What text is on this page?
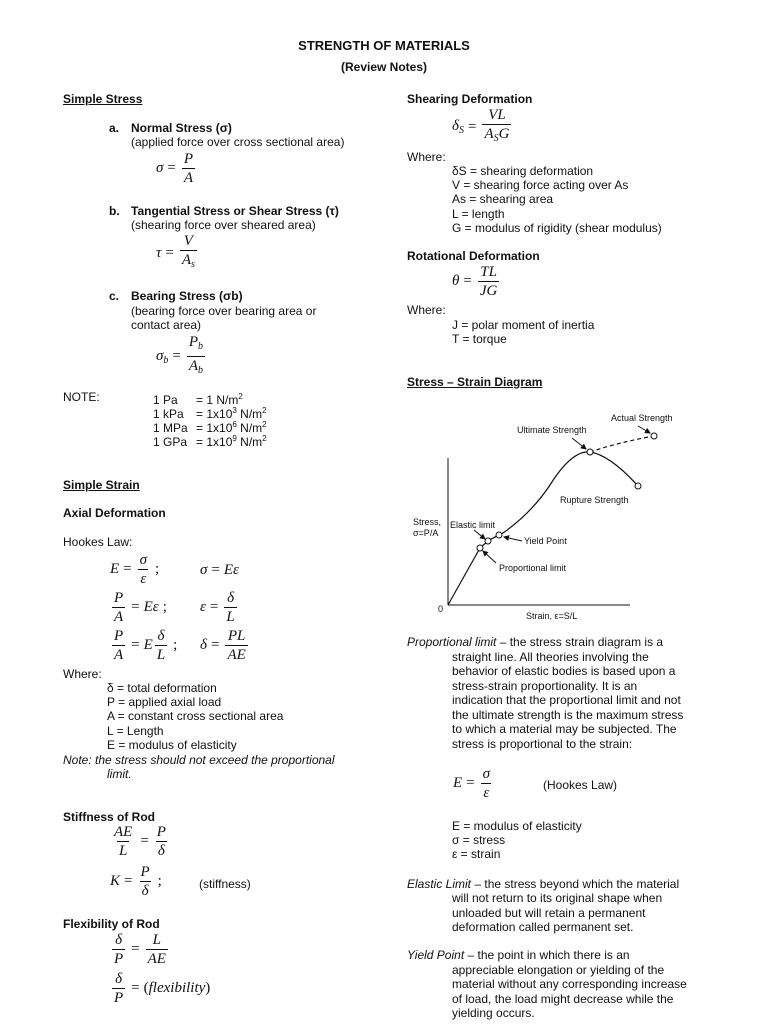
STRENGTH OF MATERIALS
(Review Notes)
Simple Stress
a. Normal Stress (σ)
(applied force over cross sectional area)
$\sigma = \frac{P}{A}$
b. Tangential Stress or Shear Stress (τ)
(shearing force over sheared area)
$\tau = \frac{V}{A_s}$
c. Bearing Stress (σb)
(bearing force over bearing area or
contact area)
$\sigma_b = \frac{P_b}{A_b}$
NOTE:	1 Pa = 1 $N/m^2$
1 kPa = $1x10^3$ $N/m^2$
1 MPa = $1x10^6$ $N/m^2$
1 GPa = $1x10^9$ $N/m^2$
Simple Strain
Axial Deformation
Hookes Law:
$E = \frac{\sigma}{\varepsilon}$ ;	σ = Eε
$\frac{P}{A} = E\varepsilon$ ; $\varepsilon = \frac{\delta}{L}$
$\frac{P}{A} = E \frac{\delta}{L}$ ; $\delta = \frac{PL}{AE}$
Where:
δ = total deformation
P = applied axial load
A = constant cross sectional area
L = Length
E = modulus of elasticity
Note: the stress should not exceed the proportional
limit.
Stiffness of Rod
$\frac{AE}{L} = \frac{P}{\delta}$
$K = \frac{P}{\delta}$ ;	(stiffness)
Flexibility of Rod
$\frac{\delta}{P} = \frac{L}{AE}$
$\frac{\delta}{P}$ = ( flexibility )
Shearing Deformation
$\delta_S = \frac{VL}{A_SG}$
Where:
δS = shearing deformation
V = shearing force acting over As
As = shearing area
L = length
G = modulus of rigidity (shear modulus)
Rotational Deformation
$\theta = \frac{TL}{JG}$
Where:
J = polar moment of inertia
T = torque
Stress – Strain Diagram
Actual Strength
Ultimate Strength
Rupture Strength
Elastic limit
Yield Point
Proportional limit
Stress,
σ=P/A
Strain, ε=S/L
0
Proportional limit – the stress strain diagram is a
straight line. All theories involving the
behavior of elastic bodies is based upon a
stress-strain proportionality. It is an
indication that the proportional limit and not
the ultimate strength is the maximum stress
to which a material may be subjected. The
stress is proportional to the strain:
$E = \frac{\sigma}{\varepsilon}$	(Hookes Law)
E = modulus of elasticity
σ = stress
ε = strain
Elastic Limit – the stress beyond which the material
will not return to its original shape when
unloaded but will retain a permanent
deformation called permanent set.
Yield Point – the point in which there is an
appreciable elongation or yielding of the
material without any corresponding increase
of load, the load might decrease while the
yielding occurs.
